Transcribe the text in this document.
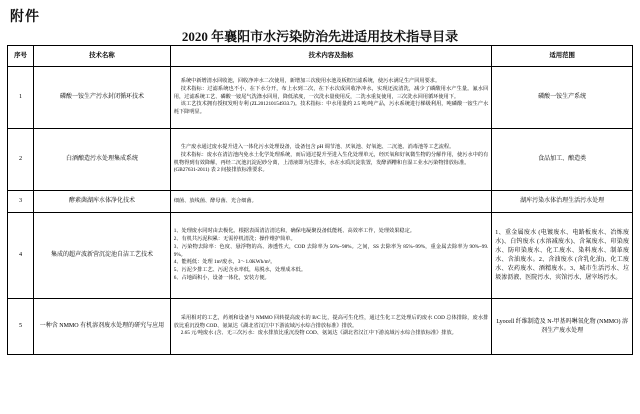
附件
2020 年襄阳市水污染防治先进适用技术指导目录
序号	技术名称	技术内容及指标	适用范围
1	磷酸一铵生产污水封闭循环技术	系统中新增清水回收池，回收净冲水二次使用，新增加三次使用水池及板框压滤系统，使污水满足生产回用要求。

技术指标：过滤系统也不小，在下水分开，布上水到二次，在下水次成回收净冲水，实现还流清洗，减少了磷酸用水产生量。氟水回用，过滤系统工艺、磷酸一铵尾气洗涤水回用，降低浓度，一次洗水量使用反，二洗水重复使用，三次洗水回用循环使用下。

该工艺技术拥有授权发明专利 (ZL201210154933.7)。技术指标：中水用量约 2.5 吨/吨产品，污水系统进行梯级利用，吨磷酸一铵生产水耗下降明显。	磷酸一铵生产系统
2	白酒酿造污水处理集成系统	生产废水通过废水提升进入一体化污水处理设备，设备包含 pH 调节池、厌氧池、好氧池、二沉池、消毒池等工艺流程。

技术指标：废水在清洁池内免水土化学处理系统，而后通过提升至进入生化处理单元，经厌氧和好氧微生物的分解作用，使污水中的有机物得到有效降解，再经二沉池沉淀泥砂分离，上清液即为达排水，水在水质沉淀装置，发酵酒糟和自湿工业水污染物排放标准。

(GB27631-2011) 表 2 间接排放标准要求。	食品加工、酿造类
3	酵素菌湖库水体净化技术	细菌、放线菌、酵母菌、光合细菌。	湖库污染水体治理生活污水处理
4	集成的超声波新营沉淀池自洁工艺技术	

1、处理废水同时由去极化。根据表面清洁清达和，确保电凝聚没备低能耗、高效率工作，处理效果稳定。

2、有机共污泥积累：无需停机清洗；操作维护简单。

3、污染物去除率：色度、悬浮物的高、渗透性大，COD 去除率为 50%~98%。之间，SS 去除率为 85%~99%，重金属去除率为 90%~99.9%。

4、能耗低：处理 1m³废水，3～1.0KWh/m³。

5、污泥少排工艺、污泥含水率低，易脱水，处理成本低。

6、占地面积小，设备一体化，安装方便。

	1、重金属废水 (电镀废水、电路板废水、冶炼废水)、白钨废水 (水溶减废水)、含氟废水、印染废水、防印染废水、化工废水、染料废水、制革废水、含油废水。2、含油废水 (含乳化油)、化工废水、农药废水、酒精废水。3、城市生活污水、垃圾渗沥液、医院污水、宾馆污水、屠宰场污水。
5	一种含 NMMO 有机溶剂废水处理的研究与应用	采用相对的工艺，药剂和设备与 NMMO 回转提高废水的 B/C 比，提高可生化性，通过生化工艺处理后的废水 COD 总体排除，废水排放比重沉没物 COD、氨氮达《湖北省汉江中下游流域污水综合排放标准》排放。

2.65 元/吨废水 (含、无三次污水：废水排放比重沉没物 COD、氨氮达《湖北省汉江中下游流域污水综合排放标准》排放。	Lyocell 纤维制造及 N-甲基吗啉氧化物 (NMMO) 溶剂生产废水处理
